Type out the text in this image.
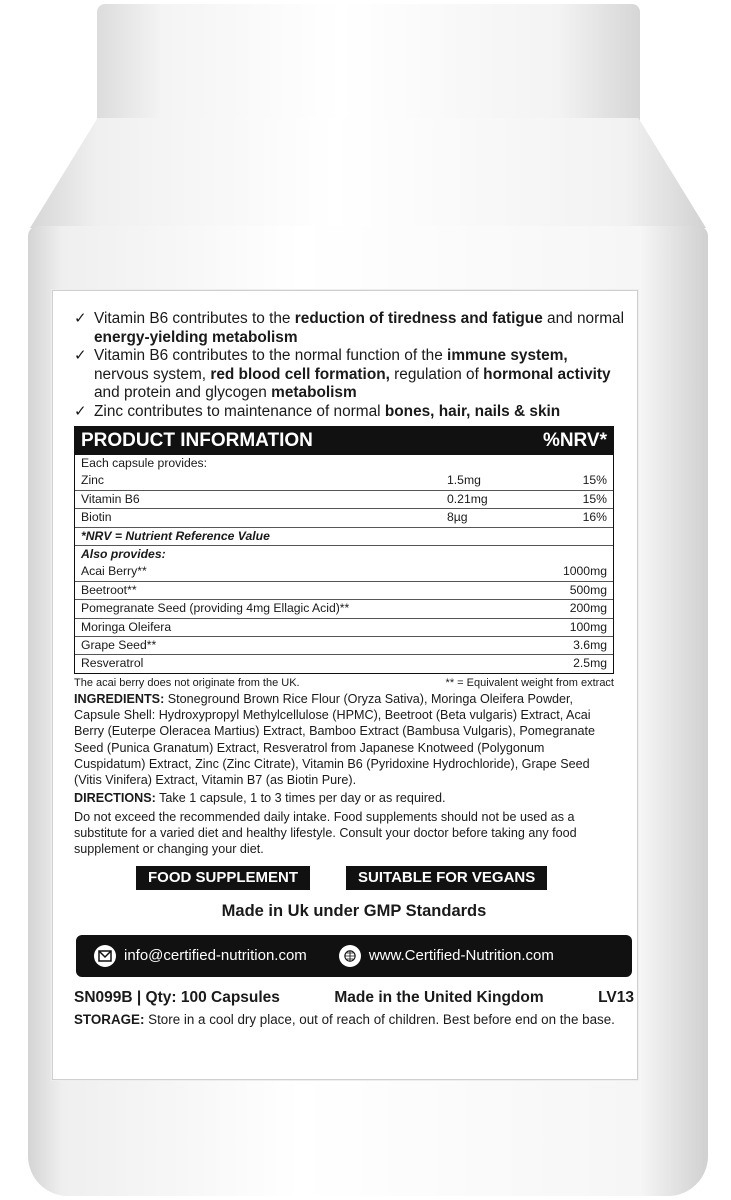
✓ Vitamin B6 contributes to the reduction of tiredness and fatigue and normal energy-yielding metabolism
✓ Vitamin B6 contributes to the normal function of the immune system, nervous system, red blood cell formation, regulation of hormonal activity and protein and glycogen metabolism
✓ Zinc contributes to maintenance of normal bones, hair, nails & skin
PRODUCT INFORMATION	%NRV*
Each capsule provides:
Zinc	1.5mg	15%
Vitamin B6	0.21mg	15%
Biotin	8µg	16%
*NRV = Nutrient Reference Value
Also provides:
Acai Berry**	1000mg
Beetroot**	500mg
Pomegranate Seed (providing 4mg Ellagic Acid)**	200mg
Moringa Oleifera	100mg
Grape Seed**	3.6mg
Resveratrol	2.5mg
The acai berry does not originate from the UK.	** = Equivalent weight from extract
INGREDIENTS: Stoneground Brown Rice Flour (Oryza Sativa), Moringa Oleifera Powder, Capsule Shell: Hydroxypropyl Methylcellulose (HPMC), Beetroot (Beta vulgaris) Extract, Acai Berry (Euterpe Oleracea Martius) Extract, Bamboo Extract (Bambusa Vulgaris), Pomegranate Seed (Punica Granatum) Extract, Resveratrol from Japanese Knotweed (Polygonum Cuspidatum) Extract, Zinc (Zinc Citrate), Vitamin B6 (Pyridoxine Hydrochloride), Grape Seed (Vitis Vinifera) Extract, Vitamin B7 (as Biotin Pure).
DIRECTIONS: Take 1 capsule, 1 to 3 times per day or as required.
Do not exceed the recommended daily intake. Food supplements should not be used as a substitute for a varied diet and healthy lifestyle. Consult your doctor before taking any food supplement or changing your diet.
FOOD SUPPLEMENT	SUITABLE FOR VEGANS
Made in Uk under GMP Standards
info@certified-nutrition.com	www.Certified-Nutrition.com
SN099B | Qty: 100 Capsules	Made in the United Kingdom	LV13
STORAGE: Store in a cool dry place, out of reach of children. Best before end on the base.
